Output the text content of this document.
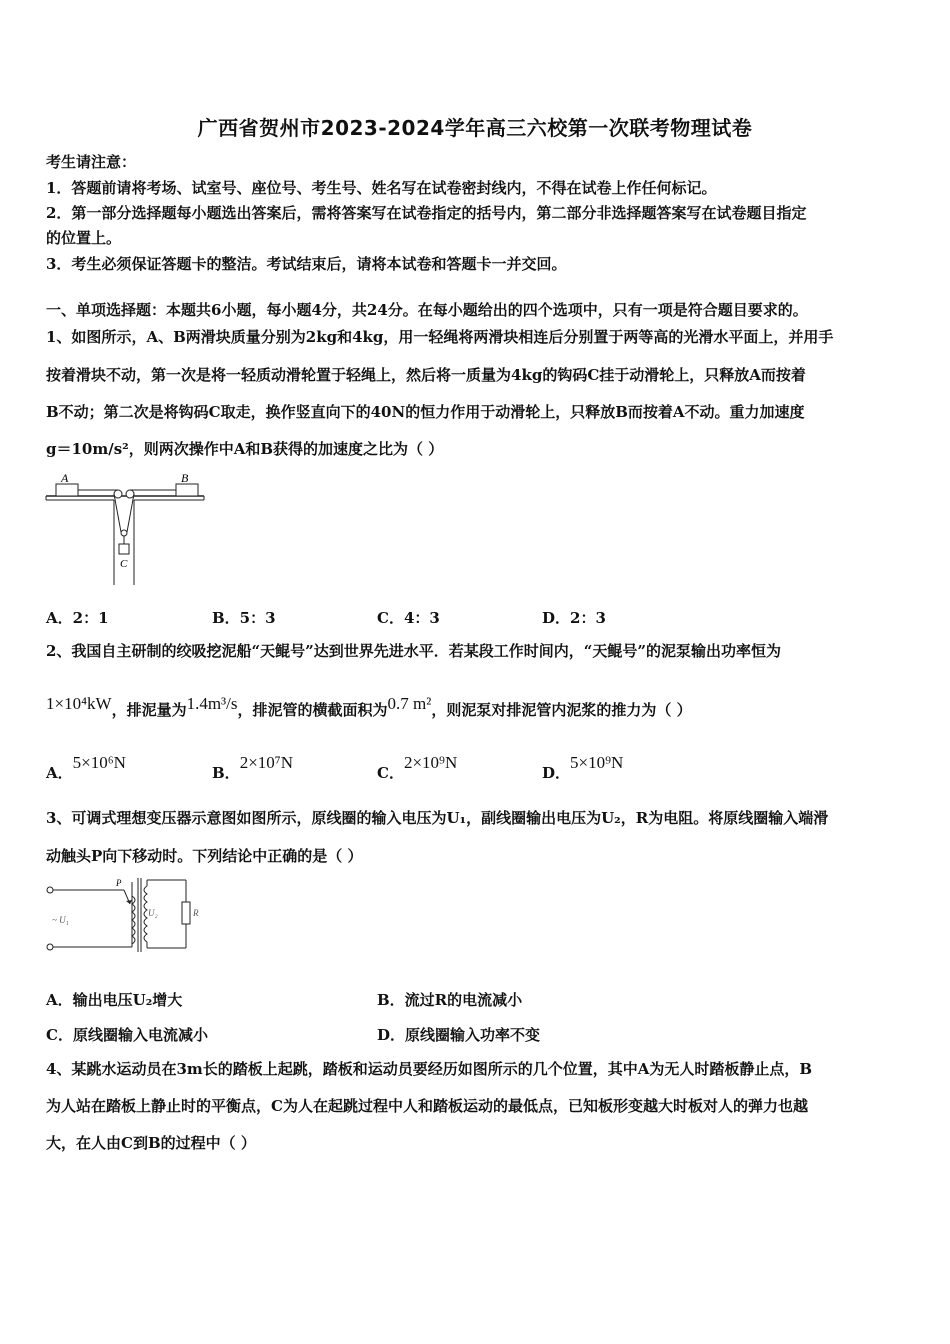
广西省贺州市2023-2024学年高三六校第一次联考物理试卷
考生请注意：
1．答题前请将考场、试室号、座位号、考生号、姓名写在试卷密封线内，不得在试卷上作任何标记。
2．第一部分选择题每小题选出答案后，需将答案写在试卷指定的括号内，第二部分非选择题答案写在试卷题目指定
的位置上。
3．考生必须保证答题卡的整洁。考试结束后，请将本试卷和答题卡一并交回。
一、单项选择题：本题共6小题，每小题4分，共24分。在每小题给出的四个选项中，只有一项是符合题目要求的。
1、如图所示，A、B两滑块质量分别为2kg和4kg，用一轻绳将两滑块相连后分别置于两等高的光滑水平面上，并用手
按着滑块不动，第一次是将一轻质动滑轮置于轻绳上，然后将一质量为4kg的钩码C挂于动滑轮上，只释放A而按着
B不动；第二次是将钩码C取走，换作竖直向下的40N的恒力作用于动滑轮上，只释放B而按着A不动。重力加速度
g＝10m/s²，则两次操作中A和B获得的加速度之比为（ ）
A	B
C
A．2：1	B．5：3	C．4：3	D．2：3
2、我国自主研制的绞吸挖泥船“天鲲号”达到世界先进水平．若某段工作时间内，“天鲲号”的泥泵输出功率恒为
1×10⁴kW，排泥量为1.4m³/s，排泥管的横截面积为0.7 m²，则泥泵对排泥管内泥浆的推力为（ ）
A．5×10⁶N
B．2×10⁷N
C．2×10⁹N
D．5×10⁹N
3、可调式理想变压器示意图如图所示，原线圈的输入电压为U₁，副线圈输出电压为U₂，R为电阻。将原线圈输入端滑
动触头P向下移动时。下列结论中正确的是（ ）
P
~ U₁
U₂	R
A．输出电压U₂增大	B．流过R的电流减小
C．原线圈输入电流减小	D．原线圈输入功率不变
4、某跳水运动员在3m长的踏板上起跳，踏板和运动员要经历如图所示的几个位置，其中A为无人时踏板静止点，B
为人站在踏板上静止时的平衡点，C为人在起跳过程中人和踏板运动的最低点，已知板形变越大时板对人的弹力也越
大，在人由C到B的过程中（ ）
